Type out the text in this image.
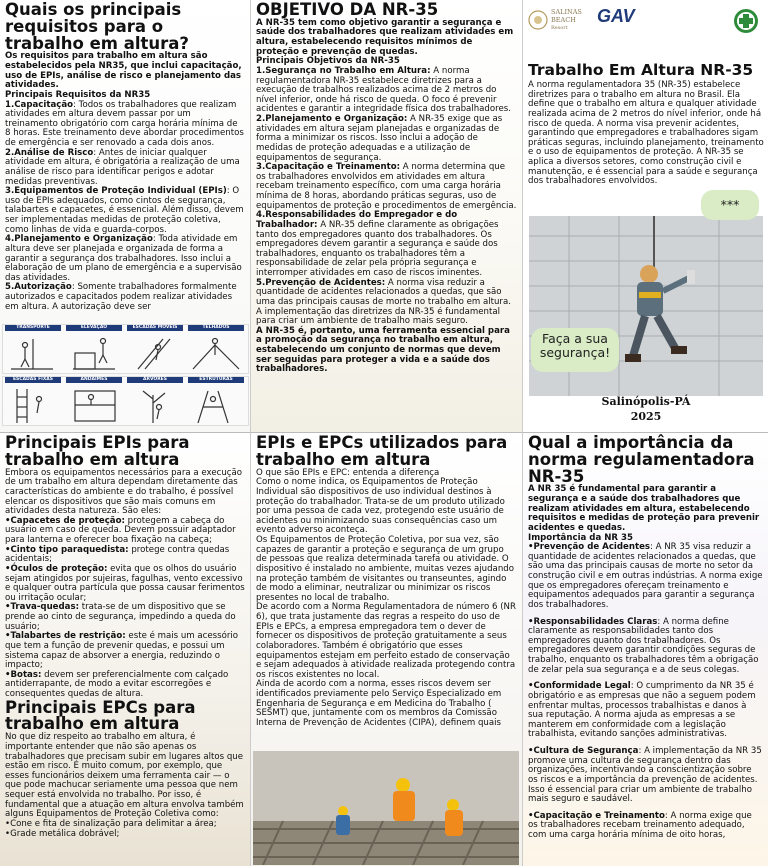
Quais os principais requisitos para o trabalho em altura?

Os requisitos para trabalho em altura são estabelecidos pela NR35, que inclui capacitação, uso de EPIs, análise de risco e planejamento das atividades.

Principais Requisitos da NR35

1.Capacitação: Todos os trabalhadores que realizam atividades em altura devem passar por um treinamento obrigatório com carga horária mínima de 8 horas. Este treinamento deve abordar procedimentos de emergência e ser renovado a cada dois anos.

2.Análise de Risco: Antes de iniciar qualquer atividade em altura, é obrigatória a realização de uma análise de risco para identificar perigos e adotar medidas preventivas.

3.Equipamentos de Proteção Individual (EPIs): O uso de EPIs adequados, como cintos de segurança, talabartes e capacetes, é essencial. Além disso, devem ser implementadas medidas de proteção coletiva, como linhas de vida e guarda-corpos.

4.Planejamento e Organização: Toda atividade em altura deve ser planejada e organizada de forma a garantir a segurança dos trabalhadores. Isso inclui a elaboração de um plano de emergência e a supervisão das atividades.

5.Autorização: Somente trabalhadores formalmente autorizados e capacitados podem realizar atividades em altura. A autorização deve ser

TRANSPORTE	ELEVAÇÃO	ESCADAS MÓVEIS	TELHADOS
ESCADAS FIXAS	ANDAIMES	ÁRVORES	ESTRUTURAS
OBJETIVO DA NR-35

A NR-35 tem como objetivo garantir a segurança e saúde dos trabalhadores que realizam atividades em altura, estabelecendo requisitos mínimos de proteção e prevenção de quedas.

Principais Objetivos da NR-35

1.Segurança no Trabalho em Altura: A norma regulamentadora NR-35 estabelece diretrizes para a execução de trabalhos realizados acima de 2 metros do nível inferior, onde há risco de queda. O foco é prevenir acidentes e garantir a integridade física dos trabalhadores.

2.Planejamento e Organização: A NR-35 exige que as atividades em altura sejam planejadas e organizadas de forma a minimizar os riscos. Isso inclui a adoção de medidas de proteção adequadas e a utilização de equipamentos de segurança.

3.Capacitação e Treinamento: A norma determina que os trabalhadores envolvidos em atividades em altura recebam treinamento específico, com uma carga horária mínima de 8 horas, abordando práticas seguras, uso de equipamentos de proteção e procedimentos de emergência.

4.Responsabilidades do Empregador e do Trabalhador: A NR-35 define claramente as obrigações tanto dos empregadores quanto dos trabalhadores. Os empregadores devem garantir a segurança e saúde dos trabalhadores, enquanto os trabalhadores têm a responsabilidade de zelar pela própria segurança e interromper atividades em caso de riscos iminentes.

5.Prevenção de Acidentes: A norma visa reduzir a quantidade de acidentes relacionados a quedas, que são uma das principais causas de morte no trabalho em altura. A implementação das diretrizes da NR-35 é fundamental para criar um ambiente de trabalho mais seguro.

A NR-35 é, portanto, uma ferramenta essencial para a promoção da segurança no trabalho em altura, estabelecendo um conjunto de normas que devem ser seguidas para proteger a vida e a saúde dos trabalhadores.

SALINAS
BEACH
Resort
GAV
Trabalho Em Altura NR-35

A norma regulamentadora 35 (NR-35) estabelece diretrizes para o trabalho em altura no Brasil. Ela define que o trabalho em altura e qualquer atividade realizada acima de 2 metros do nível inferior, onde há risco de queda. A norma visa prevenir acidentes, garantindo que empregadores e trabalhadores sigam práticas seguras, incluindo planejamento, treinamento e o uso de equipamentos de proteção. A NR-35 se aplica a diversos setores, como construção civil e manutenção, e é essencial para a saúde e segurança dos trabalhadores envolvidos.

***
Faça a sua segurança!
Salinópolis-PÁ
2025
Principais EPIs para trabalho em altura

Embora os equipamentos necessários para a execução de um trabalho em altura dependam diretamente das características do ambiente e do trabalho, é possível elencar os dispositivos que são mais comuns em atividades desta natureza. São eles:

•Capacetes de proteção: protegem a cabeça do usuário em caso de queda. Devem possuir adaptador para lanterna e oferecer boa fixação na cabeça;

•Cinto tipo paraquedista: protege contra quedas acidentais;

•Óculos de proteção: evita que os olhos do usuário sejam atingidos por sujeiras, fagulhas, vento excessivo e qualquer outra partícula que possa causar ferimentos ou irritação ocular;

•Trava-quedas: trata-se de um dispositivo que se prende ao cinto de segurança, impedindo a queda do usuário;

•Talabartes de restrição: este é mais um acessório que tem a função de prevenir quedas, e possui um sistema capaz de absorver a energia, reduzindo o impacto;

•Botas: devem ser preferencialmente com calçado antiderrapante, de modo a evitar escorregões e consequentes quedas de altura.

Principais EPCs para trabalho em altura

No que diz respeito ao trabalho em altura, é importante entender que não são apenas os trabalhadores que precisam subir em lugares altos que estão em risco. É muito comum, por exemplo, que esses funcionários deixem uma ferramenta cair — o que pode machucar seriamente uma pessoa que nem sequer está envolvida no trabalho. Por isso, é fundamental que a atuação em altura envolva também alguns Equipamentos de Proteção Coletiva como:

•Cone e fita de sinalização para delimitar a área;

•Grade metálica dobrável;

EPIs e EPCs utilizados para trabalho em altura

O que são EPIs e EPC: entenda a diferença

Como o nome indica, os Equipamentos de Proteção Individual são dispositivos de uso individual destinos à proteção do trabalhador. Trata-se de um produto utilizado por uma pessoa de cada vez, protegendo este usuário de acidentes ou minimizando suas consequências caso um evento adverso aconteça.

Os Equipamentos de Proteção Coletiva, por sua vez, são capazes de garantir a proteção e segurança de um grupo de pessoas que realiza determinada tarefa ou atividade. O dispositivo é instalado no ambiente, muitas vezes ajudando na proteção também de visitantes ou transeuntes, agindo de modo a eliminar, neutralizar ou minimizar os riscos presentes no local de trabalho.

De acordo com a Norma Regulamentadora de número 6 (NR 6), que trata justamente das regras a respeito do uso de EPIs e EPCs, a empresa empregadora tem o dever de fornecer os dispositivos de proteção gratuitamente a seus colaboradores. Também é obrigatório que esses equipamentos estejam em perfeito estado de conservação e sejam adequados à atividade realizada protegendo contra os riscos existentes no local.

Ainda de acordo com a norma, esses riscos devem ser identificados previamente pelo Serviço Especializado em Engenharia de Segurança e em Medicina do Trabalho ( SESMT) que, juntamente com os membros da Comissão Interna de Prevenção de Acidentes (CIPA), definem quais

Qual a importância da norma regulamentadora NR-35

A NR 35 é fundamental para garantir a segurança e a saúde dos trabalhadores que realizam atividades em altura, estabelecendo requisitos e medidas de proteção para prevenir acidentes e quedas.

Importância da NR 35

•Prevenção de Acidentes: A NR 35 visa reduzir a quantidade de acidentes relacionados a quedas, que são uma das principais causas de morte no setor da construção civil e em outras indústrias. A norma exige que os empregadores ofereçam treinamento e equipamentos adequados para garantir a segurança dos trabalhadores.

•Responsabilidades Claras: A norma define claramente as responsabilidades tanto dos empregadores quanto dos trabalhadores. Os empregadores devem garantir condições seguras de trabalho, enquanto os trabalhadores têm a obrigação de zelar pela sua segurança e a de seus colegas.

•Conformidade Legal: O cumprimento da NR 35 é obrigatório e as empresas que não a seguem podem enfrentar multas, processos trabalhistas e danos à sua reputação. A norma ajuda as empresas a se manterem em conformidade com a legislação trabalhista, evitando sanções administrativas.

•Cultura de Segurança: A implementação da NR 35 promove uma cultura de segurança dentro das organizações, incentivando a conscientização sobre os riscos e a importância da prevenção de acidentes. Isso é essencial para criar um ambiente de trabalho mais seguro e saudável.

•Capacitação e Treinamento: A norma exige que os trabalhadores recebam treinamento adequado, com uma carga horária mínima de oito horas,
